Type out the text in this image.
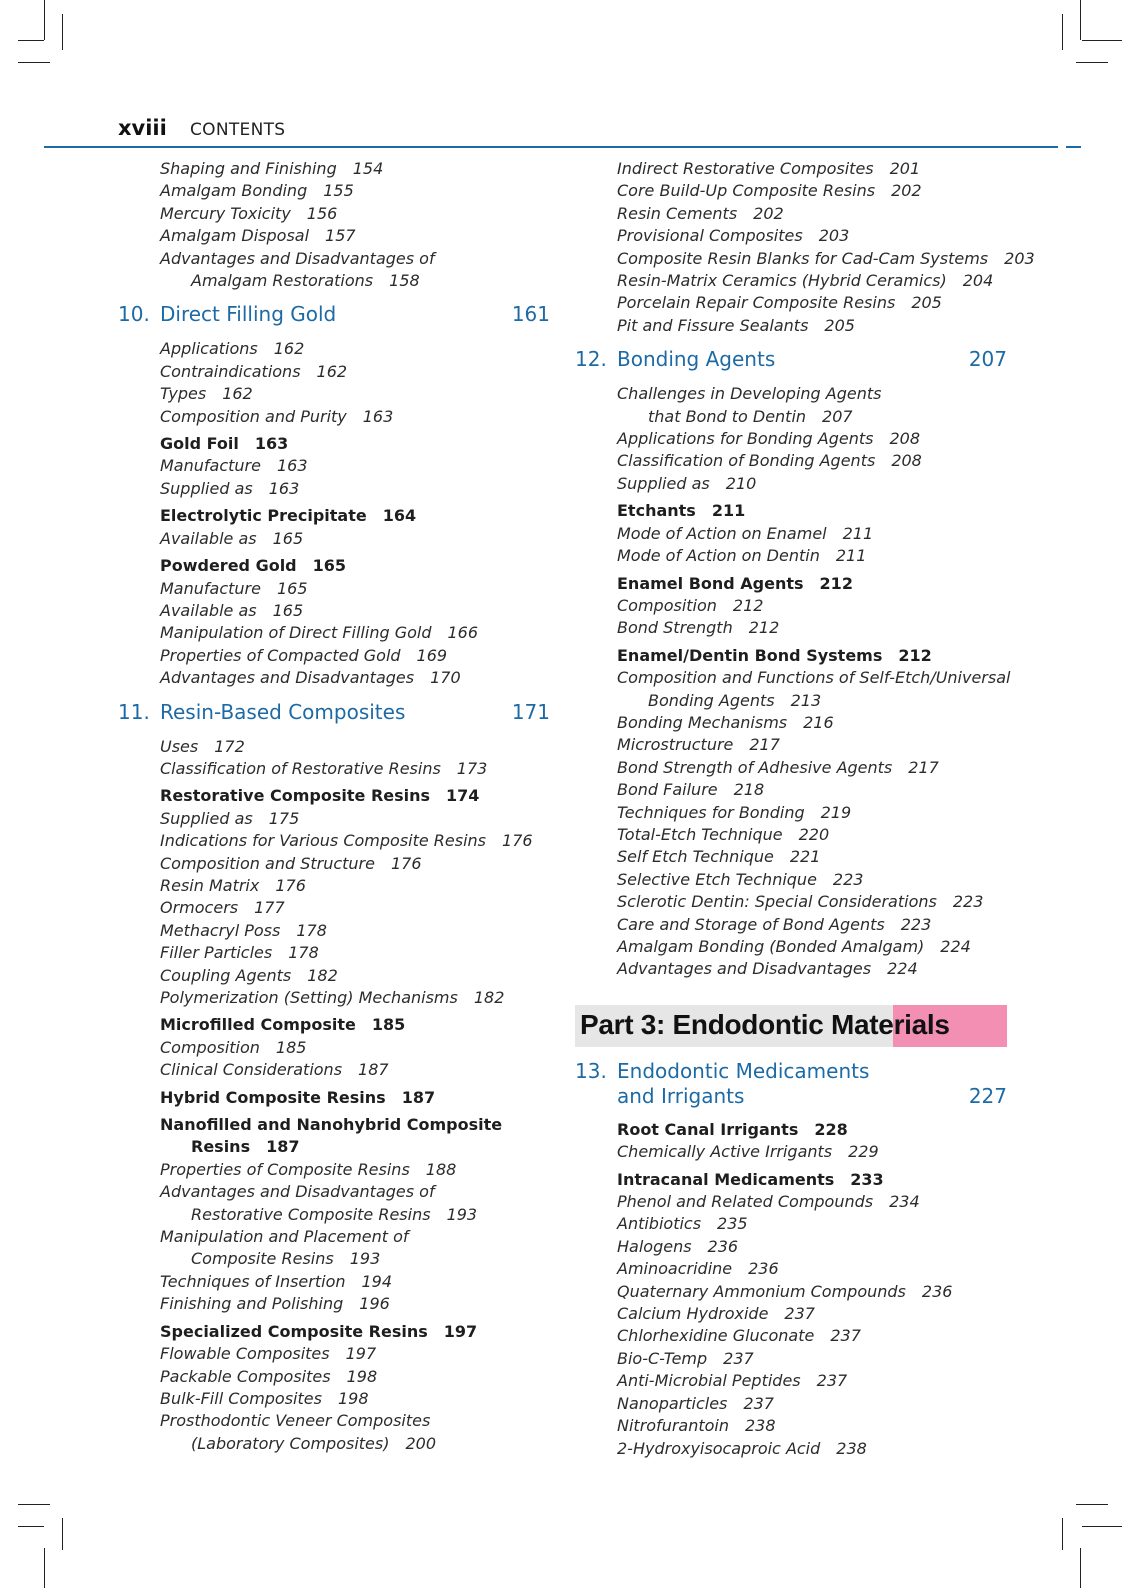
xviii CONTENTS
Shaping and Finishing 154
Amalgam Bonding 155
Mercury Toxicity 156
Amalgam Disposal 157
Advantages and Disadvantages of
Amalgam Restorations 158
10. Direct Filling Gold	161
Applications 162
Contraindications 162
Types 162
Composition and Purity 163
Gold Foil 163
Manufacture 163
Supplied as 163
Electrolytic Precipitate 164
Available as 165
Powdered Gold 165
Manufacture 165
Available as 165
Manipulation of Direct Filling Gold 166
Properties of Compacted Gold 169
Advantages and Disadvantages 170
11. Resin-Based Composites	171
Uses 172
Classification of Restorative Resins 173
Restorative Composite Resins 174
Supplied as 175
Indications for Various Composite Resins 176
Composition and Structure 176
Resin Matrix 176
Ormocers 177
Methacryl Poss 178
Filler Particles 178
Coupling Agents 182
Polymerization (Setting) Mechanisms 182
Microfilled Composite 185
Composition 185
Clinical Considerations 187
Hybrid Composite Resins 187
Nanofilled and Nanohybrid Composite
Resins 187
Properties of Composite Resins 188
Advantages and Disadvantages of
Restorative Composite Resins 193
Manipulation and Placement of
Composite Resins 193
Techniques of Insertion 194
Finishing and Polishing 196
Specialized Composite Resins 197
Flowable Composites 197
Packable Composites 198
Bulk-Fill Composites 198
Prosthodontic Veneer Composites
(Laboratory Composites) 200
Indirect Restorative Composites 201
Core Build-Up Composite Resins 202
Resin Cements 202
Provisional Composites 203
Composite Resin Blanks for Cad-Cam Systems 203
Resin-Matrix Ceramics (Hybrid Ceramics) 204
Porcelain Repair Composite Resins 205
Pit and Fissure Sealants 205
12. Bonding Agents	207
Challenges in Developing Agents
that Bond to Dentin 207
Applications for Bonding Agents 208
Classification of Bonding Agents 208
Supplied as 210
Etchants 211
Mode of Action on Enamel 211
Mode of Action on Dentin 211
Enamel Bond Agents 212
Composition 212
Bond Strength 212
Enamel/Dentin Bond Systems 212
Composition and Functions of Self-Etch/Universal
Bonding Agents 213
Bonding Mechanisms 216
Microstructure 217
Bond Strength of Adhesive Agents 217
Bond Failure 218
Techniques for Bonding 219
Total-Etch Technique 220
Self Etch Technique 221
Selective Etch Technique 223
Sclerotic Dentin: Special Considerations 223
Care and Storage of Bond Agents 223
Amalgam Bonding (Bonded Amalgam) 224
Advantages and Disadvantages 224
Part 3: Endodontic Materials
13. Endodontic Medicaments
and Irrigants	227
Root Canal Irrigants 228
Chemically Active Irrigants 229
Intracanal Medicaments 233
Phenol and Related Compounds 234
Antibiotics 235
Halogens 236
Aminoacridine 236
Quaternary Ammonium Compounds 236
Calcium Hydroxide 237
Chlorhexidine Gluconate 237
Bio-C-Temp 237
Anti-Microbial Peptides 237
Nanoparticles 237
Nitrofurantoin 238
2-Hydroxyisocaproic Acid 238
